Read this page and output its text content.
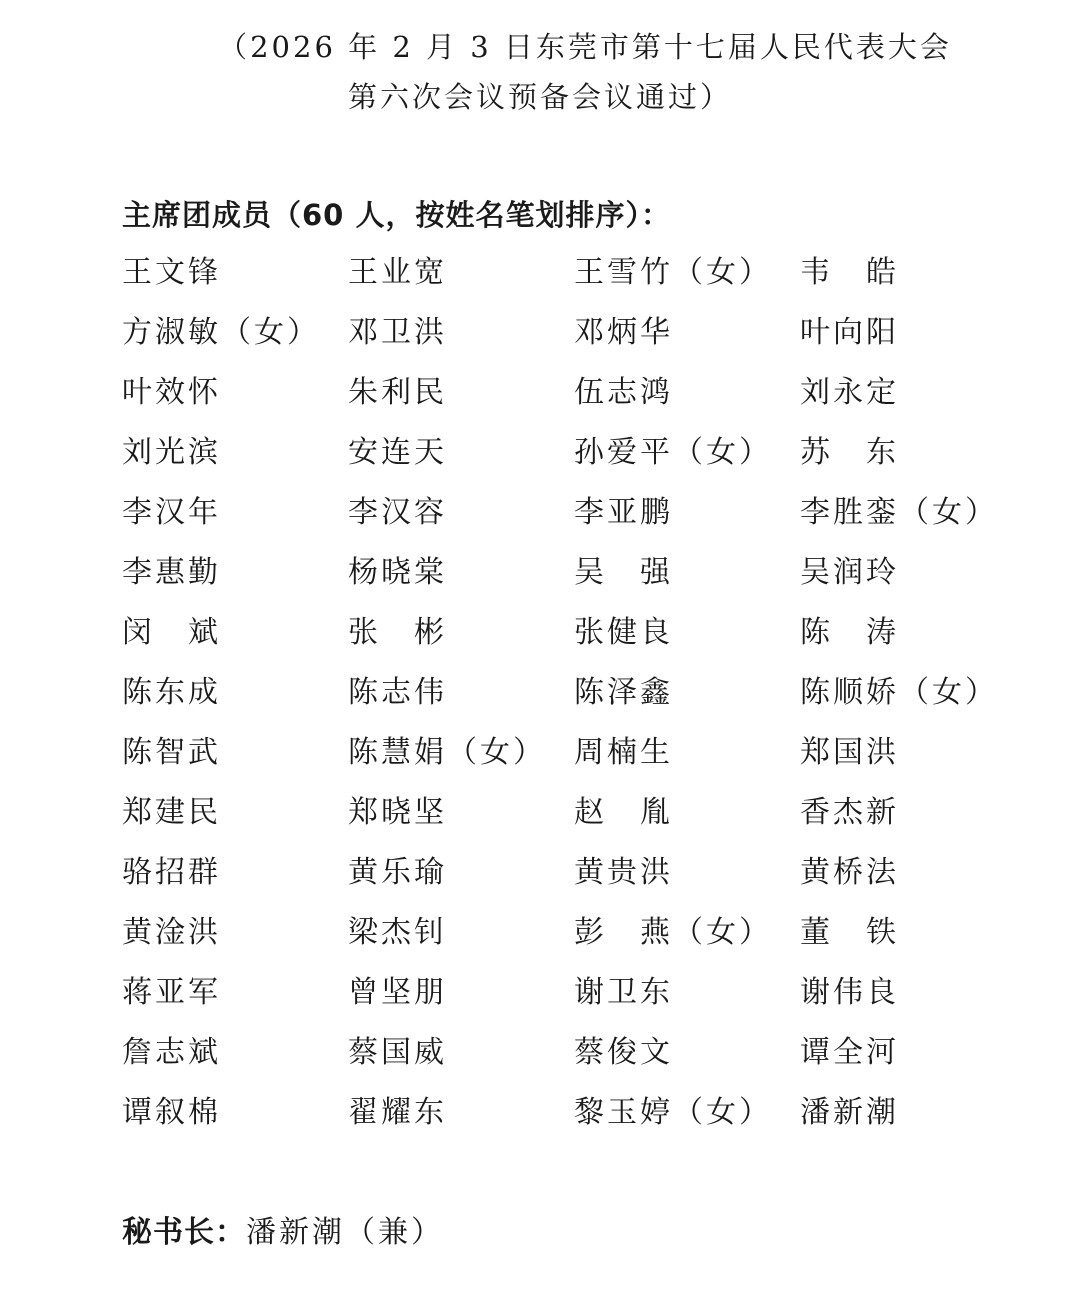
（2026 年 2 月 3 日东莞市第十七届人民代表大会
第六次会议预备会议通过）
主席团成员（60 人，按姓名笔划排序）：
王文锋	王业宽	王雪竹（女） 韦　皓
方淑敏（女） 邓卫洪	邓炳华	叶向阳
叶效怀	朱利民	伍志鸿	刘永定
刘光滨	安连天	孙爱平（女） 苏　东
李汉年	李汉容	李亚鹏	李胜銮（女）
李惠勤	杨晓棠	吴　强	吴润玲
闵　斌	张　彬	张健良	陈　涛
陈东成	陈志伟	陈泽鑫	陈顺娇（女）
陈智武	陈慧娟（女） 周楠生	郑国洪
郑建民	郑晓坚	赵　胤	香杰新
骆招群	黄乐瑜	黄贵洪	黄桥法
黄淦洪	梁杰钊	彭　燕（女） 董　铁
蒋亚军	曾坚朋	谢卫东	谢伟良
詹志斌	蔡国威	蔡俊文	谭全河
谭叙棉	翟耀东	黎玉婷（女） 潘新潮
秘书长：潘新潮（兼）
